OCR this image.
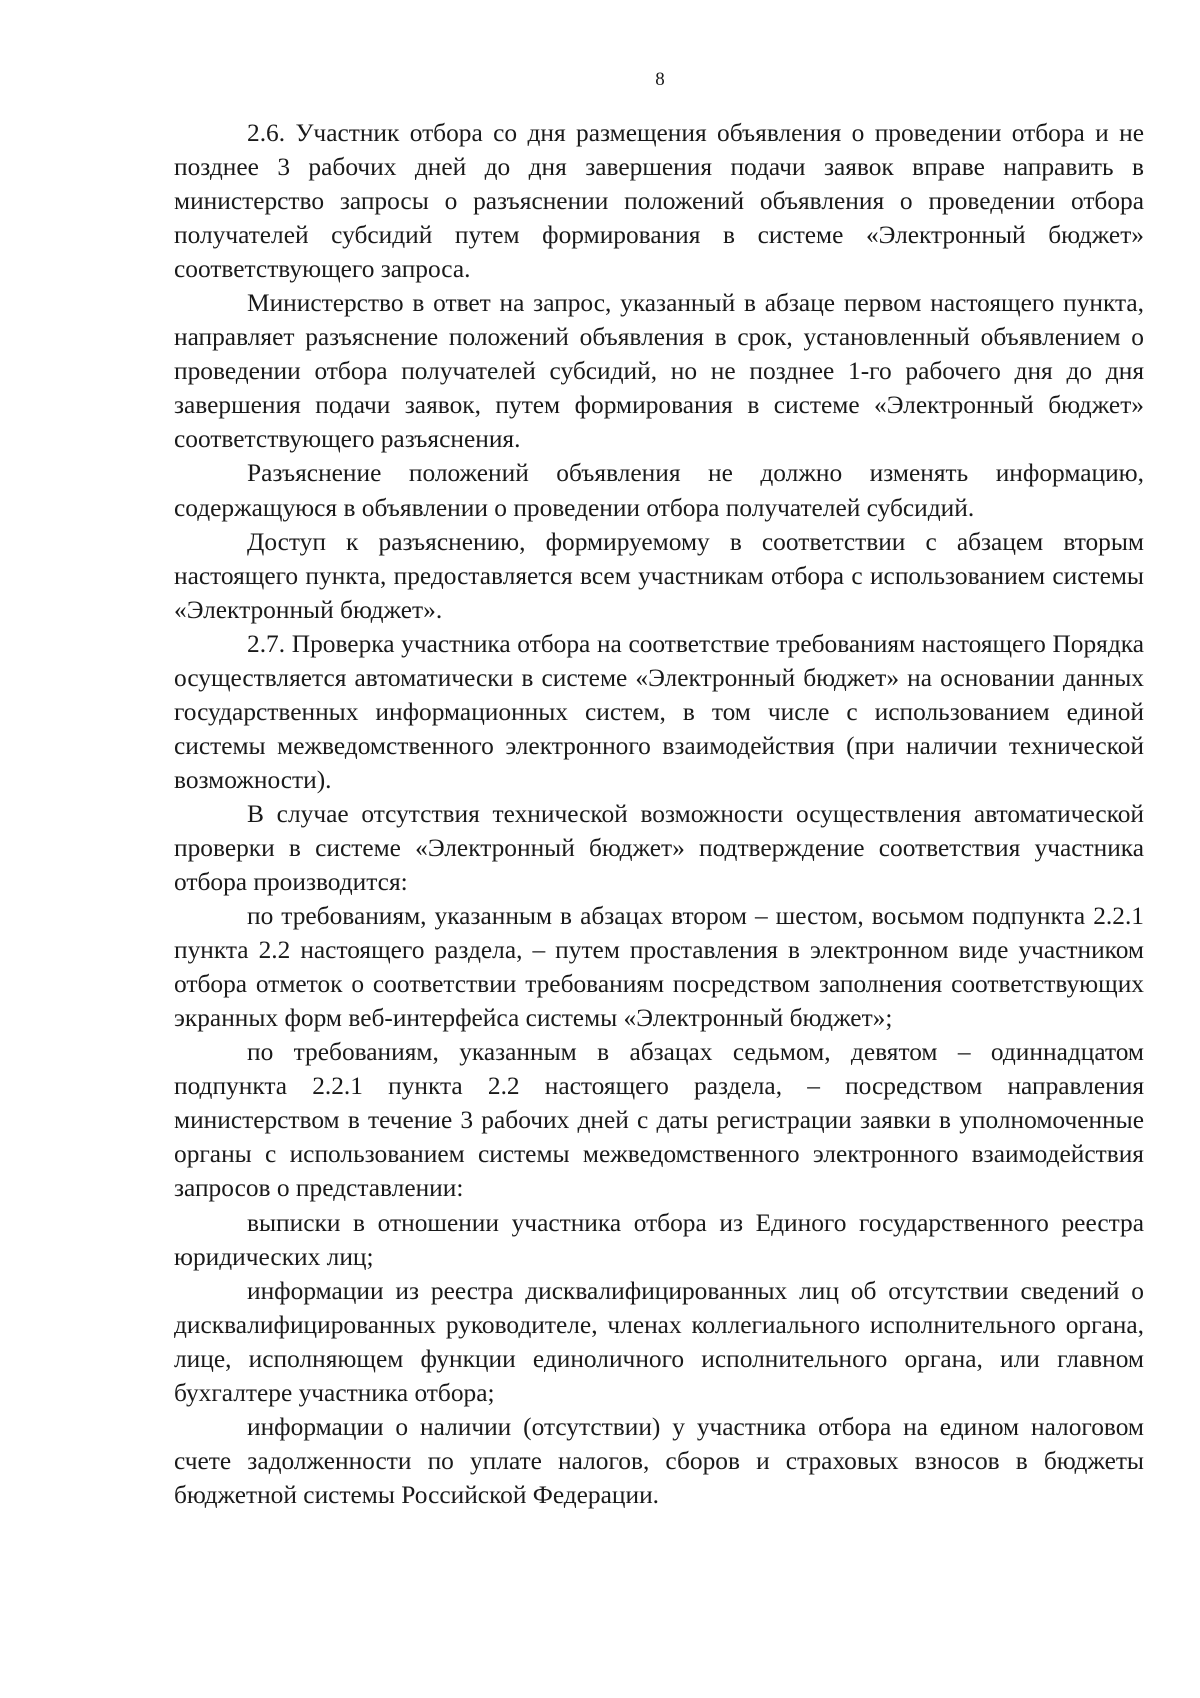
8

2.6. Участник отбора со дня размещения объявления о проведении отбора и не позднее 3 рабочих дней до дня завершения подачи заявок вправе направить в министерство запросы о разъяснении положений объявления о проведении отбора получателей субсидий путем формирования в системе «Электронный бюджет» соответствующего запроса.

Министерство в ответ на запрос, указанный в абзаце первом настоящего пункта, направляет разъяснение положений объявления в срок, установленный объявлением о проведении отбора получателей субсидий, но не позднее 1-го рабочего дня до дня завершения подачи заявок, путем формирования в системе «Электронный бюджет» соответствующего разъяснения.

Разъяснение положений объявления не должно изменять информацию, содержащуюся в объявлении о проведении отбора получателей субсидий.

Доступ к разъяснению, формируемому в соответствии с абзацем вторым настоящего пункта, предоставляется всем участникам отбора с использованием системы «Электронный бюджет».

2.7. Проверка участника отбора на соответствие требованиям настоящего Порядка осуществляется автоматически в системе «Электронный бюджет» на основании данных государственных информационных систем, в том числе с использованием единой системы межведомственного электронного взаимодействия (при наличии технической возможности).

В случае отсутствия технической возможности осуществления автоматической проверки в системе «Электронный бюджет» подтверждение соответствия участника отбора производится:

по требованиям, указанным в абзацах втором – шестом, восьмом подпункта 2.2.1 пункта 2.2 настоящего раздела, – путем проставления в электронном виде участником отбора отметок о соответствии требованиям посредством заполнения соответствующих экранных форм веб-интерфейса системы «Электронный бюджет»;

по требованиям, указанным в абзацах седьмом, девятом – одиннадцатом подпункта 2.2.1 пункта 2.2 настоящего раздела, – посредством направления министерством в течение 3 рабочих дней с даты регистрации заявки в уполномоченные органы с использованием системы межведомственного электронного взаимодействия запросов о представлении:

выписки в отношении участника отбора из Единого государственного реестра юридических лиц;

информации из реестра дисквалифицированных лиц об отсутствии сведений о дисквалифицированных руководителе, членах коллегиального исполнительного органа, лице, исполняющем функции единоличного исполнительного органа, или главном бухгалтере участника отбора;

информации о наличии (отсутствии) у участника отбора на едином налоговом счете задолженности по уплате налогов, сборов и страховых взносов в бюджеты бюджетной системы Российской Федерации.
